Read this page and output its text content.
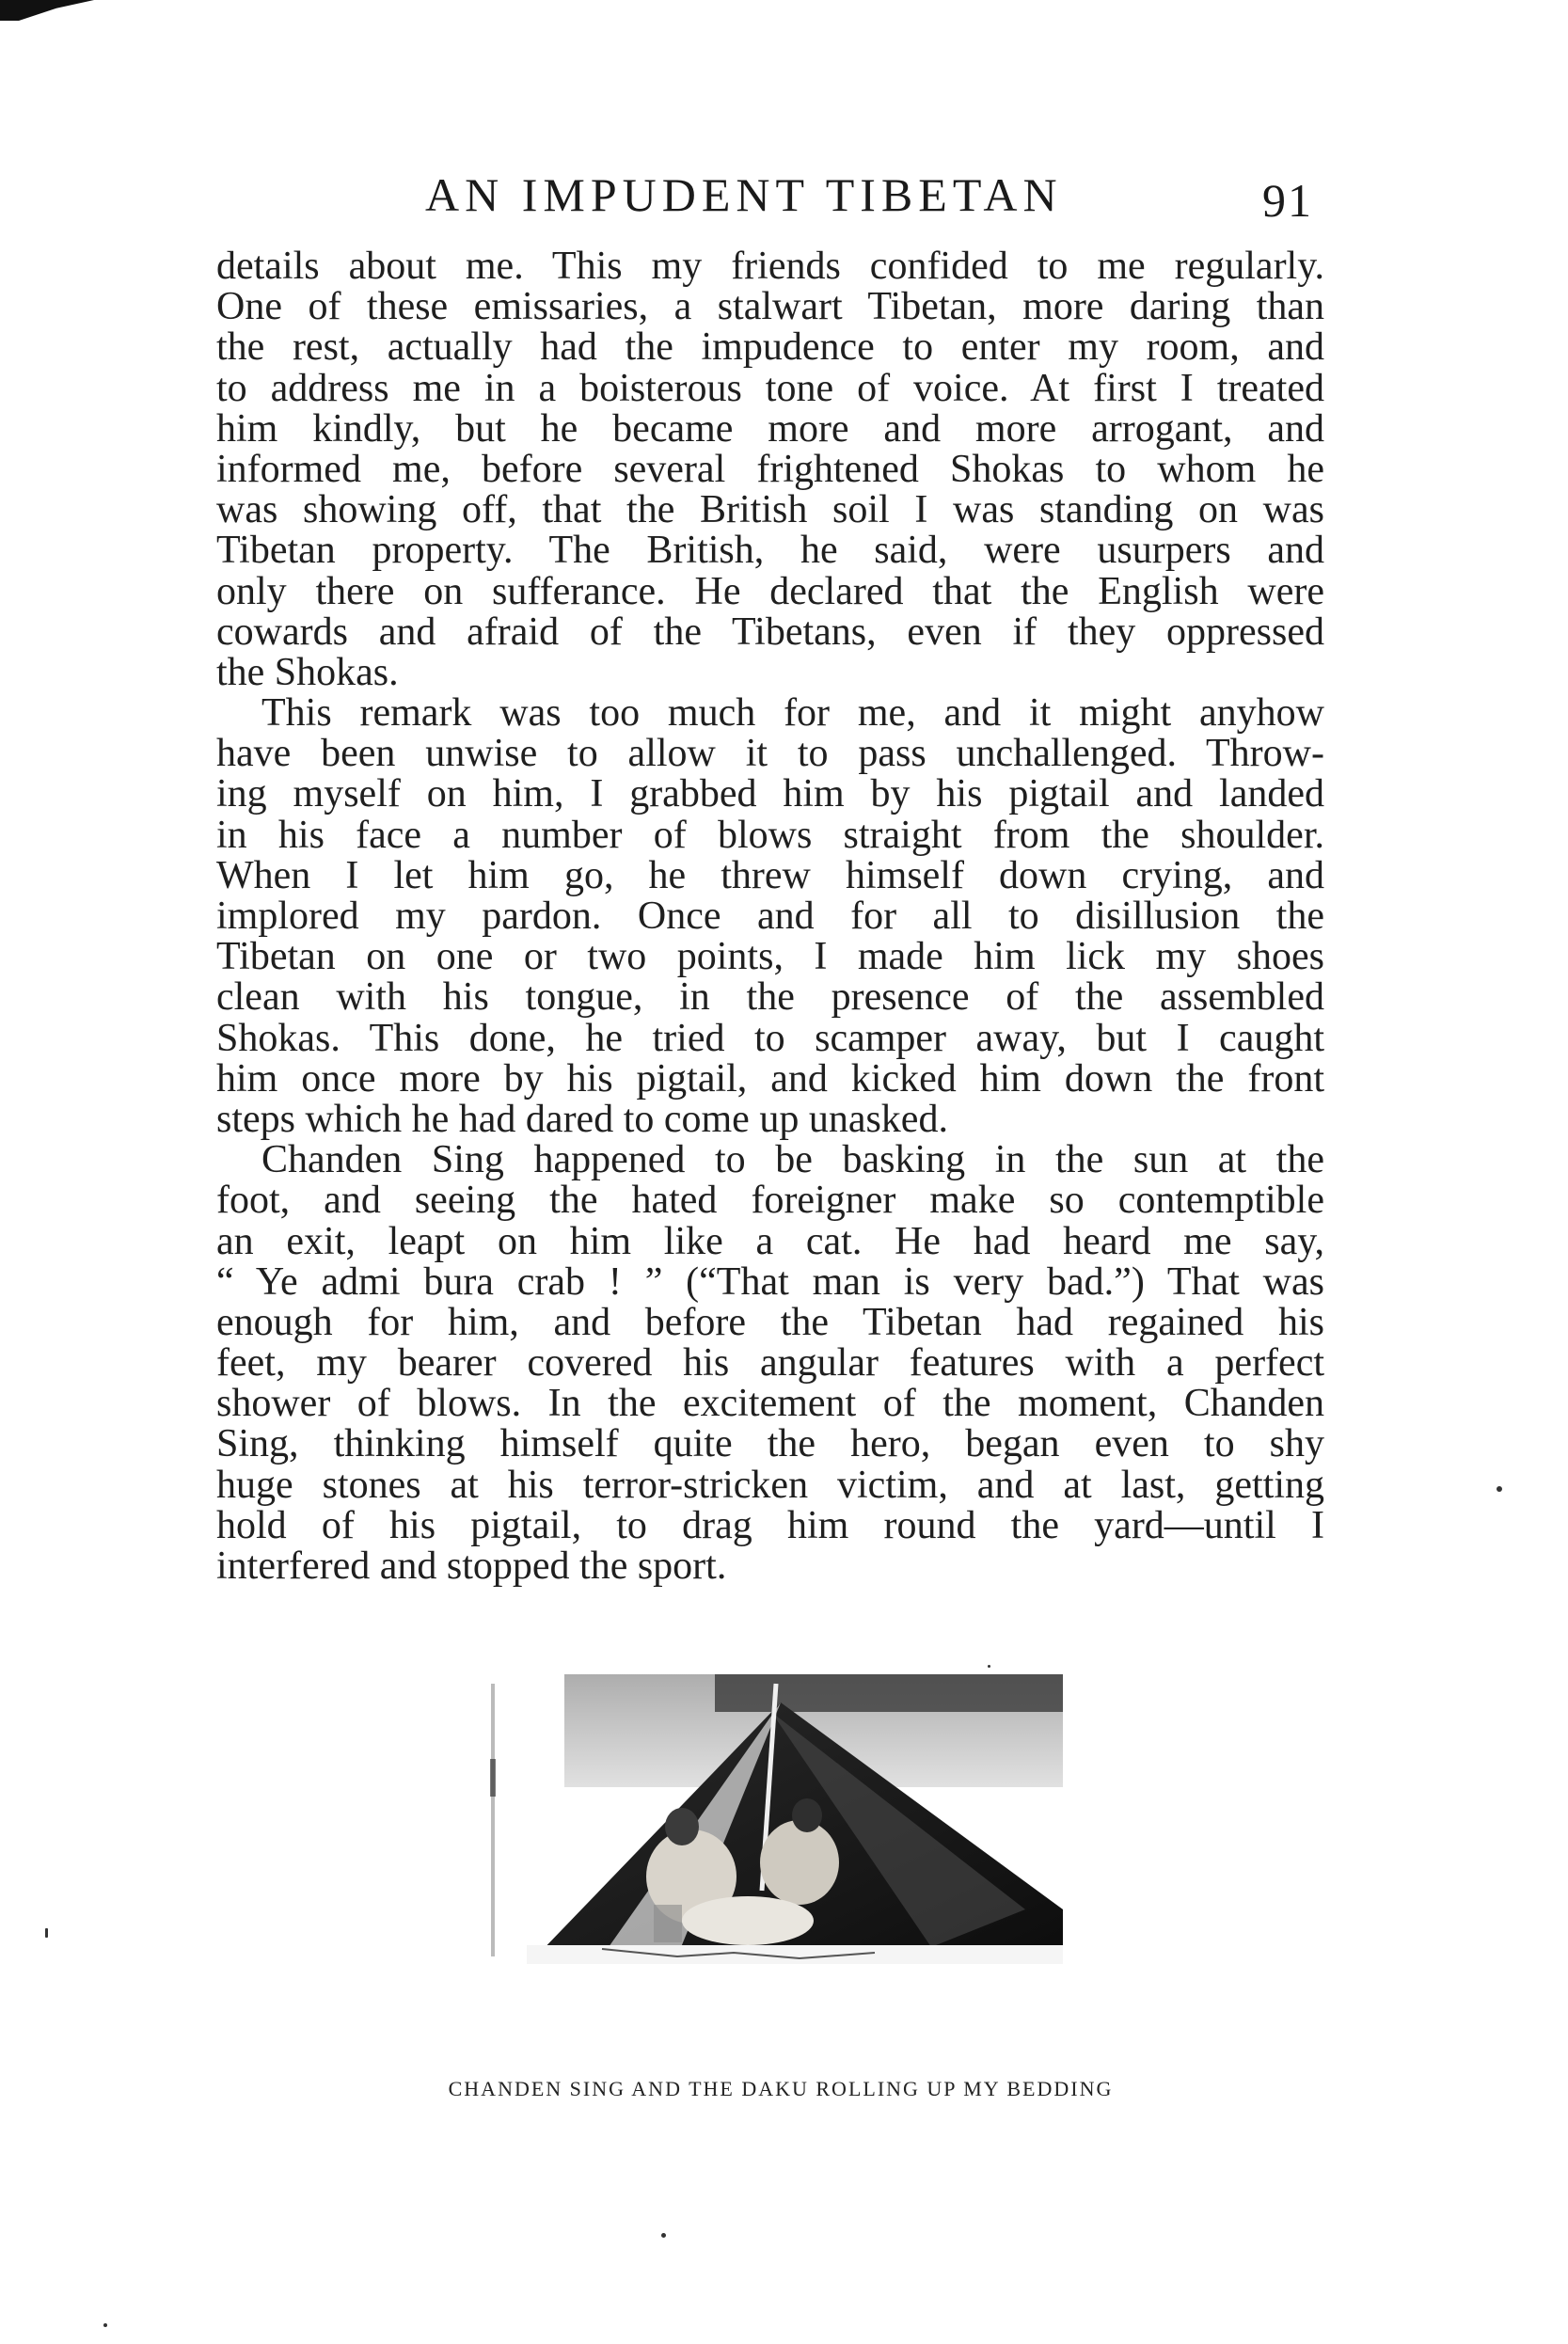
AN IMPUDENT TIBETAN	91
details about me. This my friends confided to me regularly.
One of these emissaries, a stalwart Tibetan, more daring than
the rest, actually had the impudence to enter my room, and
to address me in a boisterous tone of voice. At first I treated
him kindly, but he became more and more arrogant, and
informed me, before several frightened Shokas to whom he
was showing off, that the British soil I was standing on was
Tibetan property. The British, he said, were usurpers and
only there on sufferance. He declared that the English were
cowards and afraid of the Tibetans, even if they oppressed
the Shokas.
This remark was too much for me, and it might anyhow
have been unwise to allow it to pass unchallenged. Throw-
ing myself on him, I grabbed him by his pigtail and landed
in his face a number of blows straight from the shoulder.
When I let him go, he threw himself down crying, and
implored my pardon. Once and for all to disillusion the
Tibetan on one or two points, I made him lick my shoes
clean with his tongue, in the presence of the assembled
Shokas. This done, he tried to scamper away, but I caught
him once more by his pigtail, and kicked him down the front
steps which he had dared to come up unasked.
Chanden Sing happened to be basking in the sun at the
foot, and seeing the hated foreigner make so contemptible
an exit, leapt on him like a cat. He had heard me say,
“ Ye admi bura crab ! ” (“That man is very bad.”) That was
enough for him, and before the Tibetan had regained his
feet, my bearer covered his angular features with a perfect
shower of blows. In the excitement of the moment, Chanden
Sing, thinking himself quite the hero, began even to shy
huge stones at his terror-stricken victim, and at last, getting
hold of his pigtail, to drag him round the yard—until I
interfered and stopped the sport.
CHANDEN SING AND THE DAKU ROLLING UP MY BEDDING
